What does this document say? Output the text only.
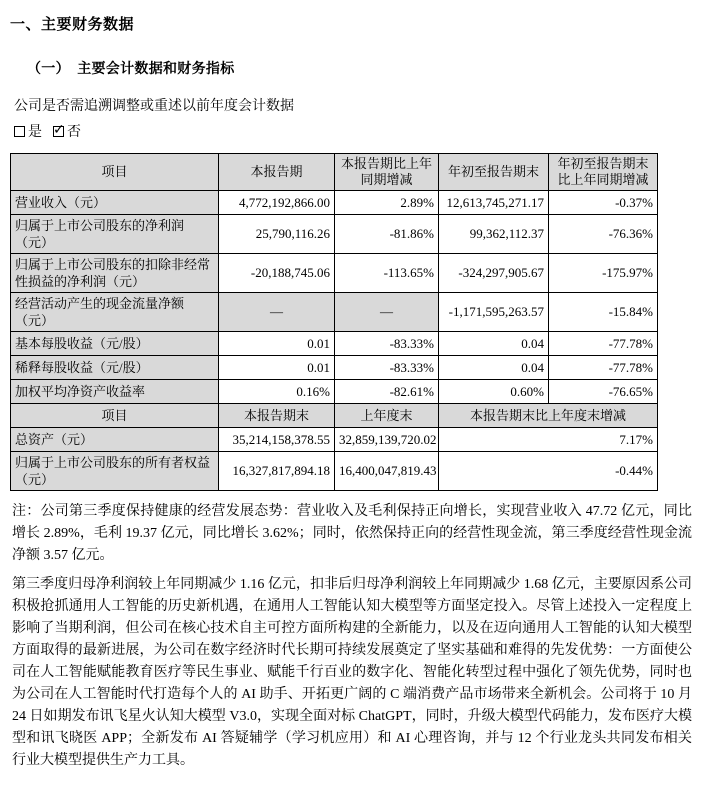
一、主要财务数据
（一）　主要会计数据和财务指标
公司是否需追溯调整或重述以前年度会计数据
是 ✓ 否
项目	本报告期	本报告期比上年同期增减	年初至报告期末	年初至报告期末比上年同期增减
营业收入（元）	4,772,192,866.00	2.89%	12,613,745,271.17	-0.37%
归属于上市公司股东的净利润（元）	25,790,116.26	-81.86%	99,362,112.37	-76.36%
归属于上市公司股东的扣除非经常性损益的净利润（元）	-20,188,745.06	-113.65%	-324,297,905.67	-175.97%
经营活动产生的现金流量净额（元）	—	—	-1,171,595,263.57	-15.84%
基本每股收益（元/股）	0.01	-83.33%	0.04	-77.78%
稀释每股收益（元/股）	0.01	-83.33%	0.04	-77.78%
加权平均净资产收益率	0.16%	-82.61%	0.60%	-76.65%
项目	本报告期末	上年度末	本报告期末比上年度末增减	
总资产（元）	35,214,158,378.55	32,859,139,720.02	7.17%	
归属于上市公司股东的所有者权益（元）	16,327,817,894.18	16,400,047,819.43	-0.44%	
注：公司第三季度保持健康的经营发展态势：营业收入及毛利保持正向增长，实现营业收入 47.72 亿元，同比增长 2.89%，毛利 19.37 亿元，同比增长 3.62%；同时，依然保持正向的经营性现金流，第三季度经营性现金流净额 3.57 亿元。
第三季度归母净利润较上年同期减少 1.16 亿元，扣非后归母净利润较上年同期减少 1.68 亿元，主要原因系公司积极抢抓通用人工智能的历史新机遇，在通用人工智能认知大模型等方面坚定投入。尽管上述投入一定程度上影响了当期利润，但公司在核心技术自主可控方面所构建的全新能力，以及在迈向通用人工智能的认知大模型方面取得的最新进展，为公司在数字经济时代长期可持续发展奠定了坚实基础和难得的先发优势：一方面使公司在人工智能赋能教育医疗等民生事业、赋能千行百业的数字化、智能化转型过程中强化了领先优势，同时也为公司在人工智能时代打造每个人的 AI 助手、开拓更广阔的 C 端消费产品市场带来全新机会。公司将于 10 月 24 日如期发布讯飞星火认知大模型 V3.0，实现全面对标 ChatGPT，同时，升级大模型代码能力，发布医疗大模型和讯飞晓医 APP；全新发布 AI 答疑辅学（学习机应用）和 AI 心理咨询，并与 12 个行业龙头共同发布相关行业大模型提供生产力工具。
